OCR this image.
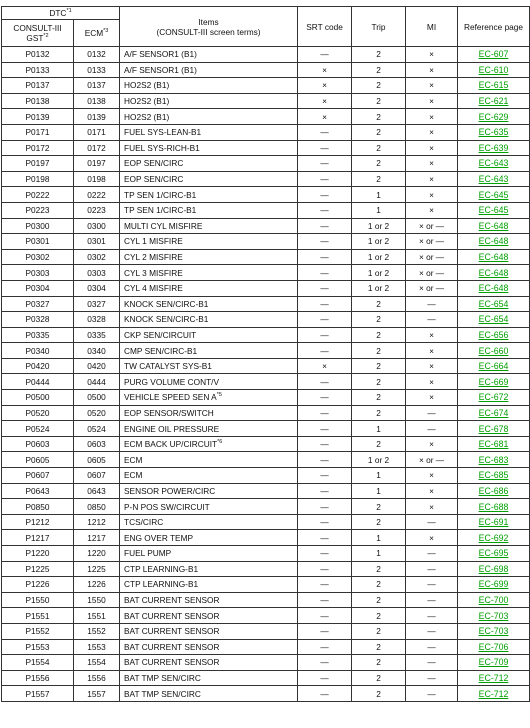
DTC$^{*1}$		Items
(CONSULT-III screen terms)	SRT code	Trip	MI	Reference page
CONSULT-III
GST$^{*2}$	ECM$^{*3}$
P0132	0132	A/F SENSOR1 (B1)	—	2	×	EC-607
P0133	0133	A/F SENSOR1 (B1)	×	2	×	EC-610
P0137	0137	HO2S2 (B1)	×	2	×	EC-615
P0138	0138	HO2S2 (B1)	×	2	×	EC-621
P0139	0139	HO2S2 (B1)	×	2	×	EC-629
P0171	0171	FUEL SYS-LEAN-B1	—	2	×	EC-635
P0172	0172	FUEL SYS-RICH-B1	—	2	×	EC-639
P0197	0197	EOP SEN/CIRC	—	2	×	EC-643
P0198	0198	EOP SEN/CIRC	—	2	×	EC-643
P0222	0222	TP SEN 1/CIRC-B1	—	1	×	EC-645
P0223	0223	TP SEN 1/CIRC-B1	—	1	×	EC-645
P0300	0300	MULTI CYL MISFIRE	—	1 or 2	× or —	EC-648
P0301	0301	CYL 1 MISFIRE	—	1 or 2	× or —	EC-648
P0302	0302	CYL 2 MISFIRE	—	1 or 2	× or —	EC-648
P0303	0303	CYL 3 MISFIRE	—	1 or 2	× or —	EC-648
P0304	0304	CYL 4 MISFIRE	—	1 or 2	× or —	EC-648
P0327	0327	KNOCK SEN/CIRC-B1	—	2	—	EC-654
P0328	0328	KNOCK SEN/CIRC-B1	—	2	—	EC-654
P0335	0335	CKP SEN/CIRCUIT	—	2	×	EC-656
P0340	0340	CMP SEN/CIRC-B1	—	2	×	EC-660
P0420	0420	TW CATALYST SYS-B1	×	2	×	EC-664
P0444	0444	PURG VOLUME CONT/V	—	2	×	EC-669
P0500	0500	VEHICLE SPEED SEN $A^{*5}$	—	2	×	EC-672
P0520	0520	EOP SENSOR/SWITCH	—	2	—	EC-674
P0524	0524	ENGINE OIL PRESSURE	—	1	—	EC-678
P0603	0603	ECM BACK UP/CIRCUIT$^{*6}$	—	2	×	EC-681
P0605	0605	ECM	—	1 or 2	× or —	EC-683
P0607	0607	ECM	—	1	×	EC-685
P0643	0643	SENSOR POWER/CIRC	—	1	×	EC-686
P0850	0850	P-N POS SW/CIRCUIT	—	2	×	EC-688
P1212	1212	TCS/CIRC	—	2	—	EC-691
P1217	1217	ENG OVER TEMP	—	1	×	EC-692
P1220	1220	FUEL PUMP	—	1	—	EC-695
P1225	1225	CTP LEARNING-B1	—	2	—	EC-698
P1226	1226	CTP LEARNING-B1	—	2	—	EC-699
P1550	1550	BAT CURRENT SENSOR	—	2	—	EC-700
P1551	1551	BAT CURRENT SENSOR	—	2	—	EC-703
P1552	1552	BAT CURRENT SENSOR	—	2	—	EC-703
P1553	1553	BAT CURRENT SENSOR	—	2	—	EC-706
P1554	1554	BAT CURRENT SENSOR	—	2	—	EC-709
P1556	1556	BAT TMP SEN/CIRC	—	2	—	EC-712
P1557	1557	BAT TMP SEN/CIRC	—	2	—	EC-712
